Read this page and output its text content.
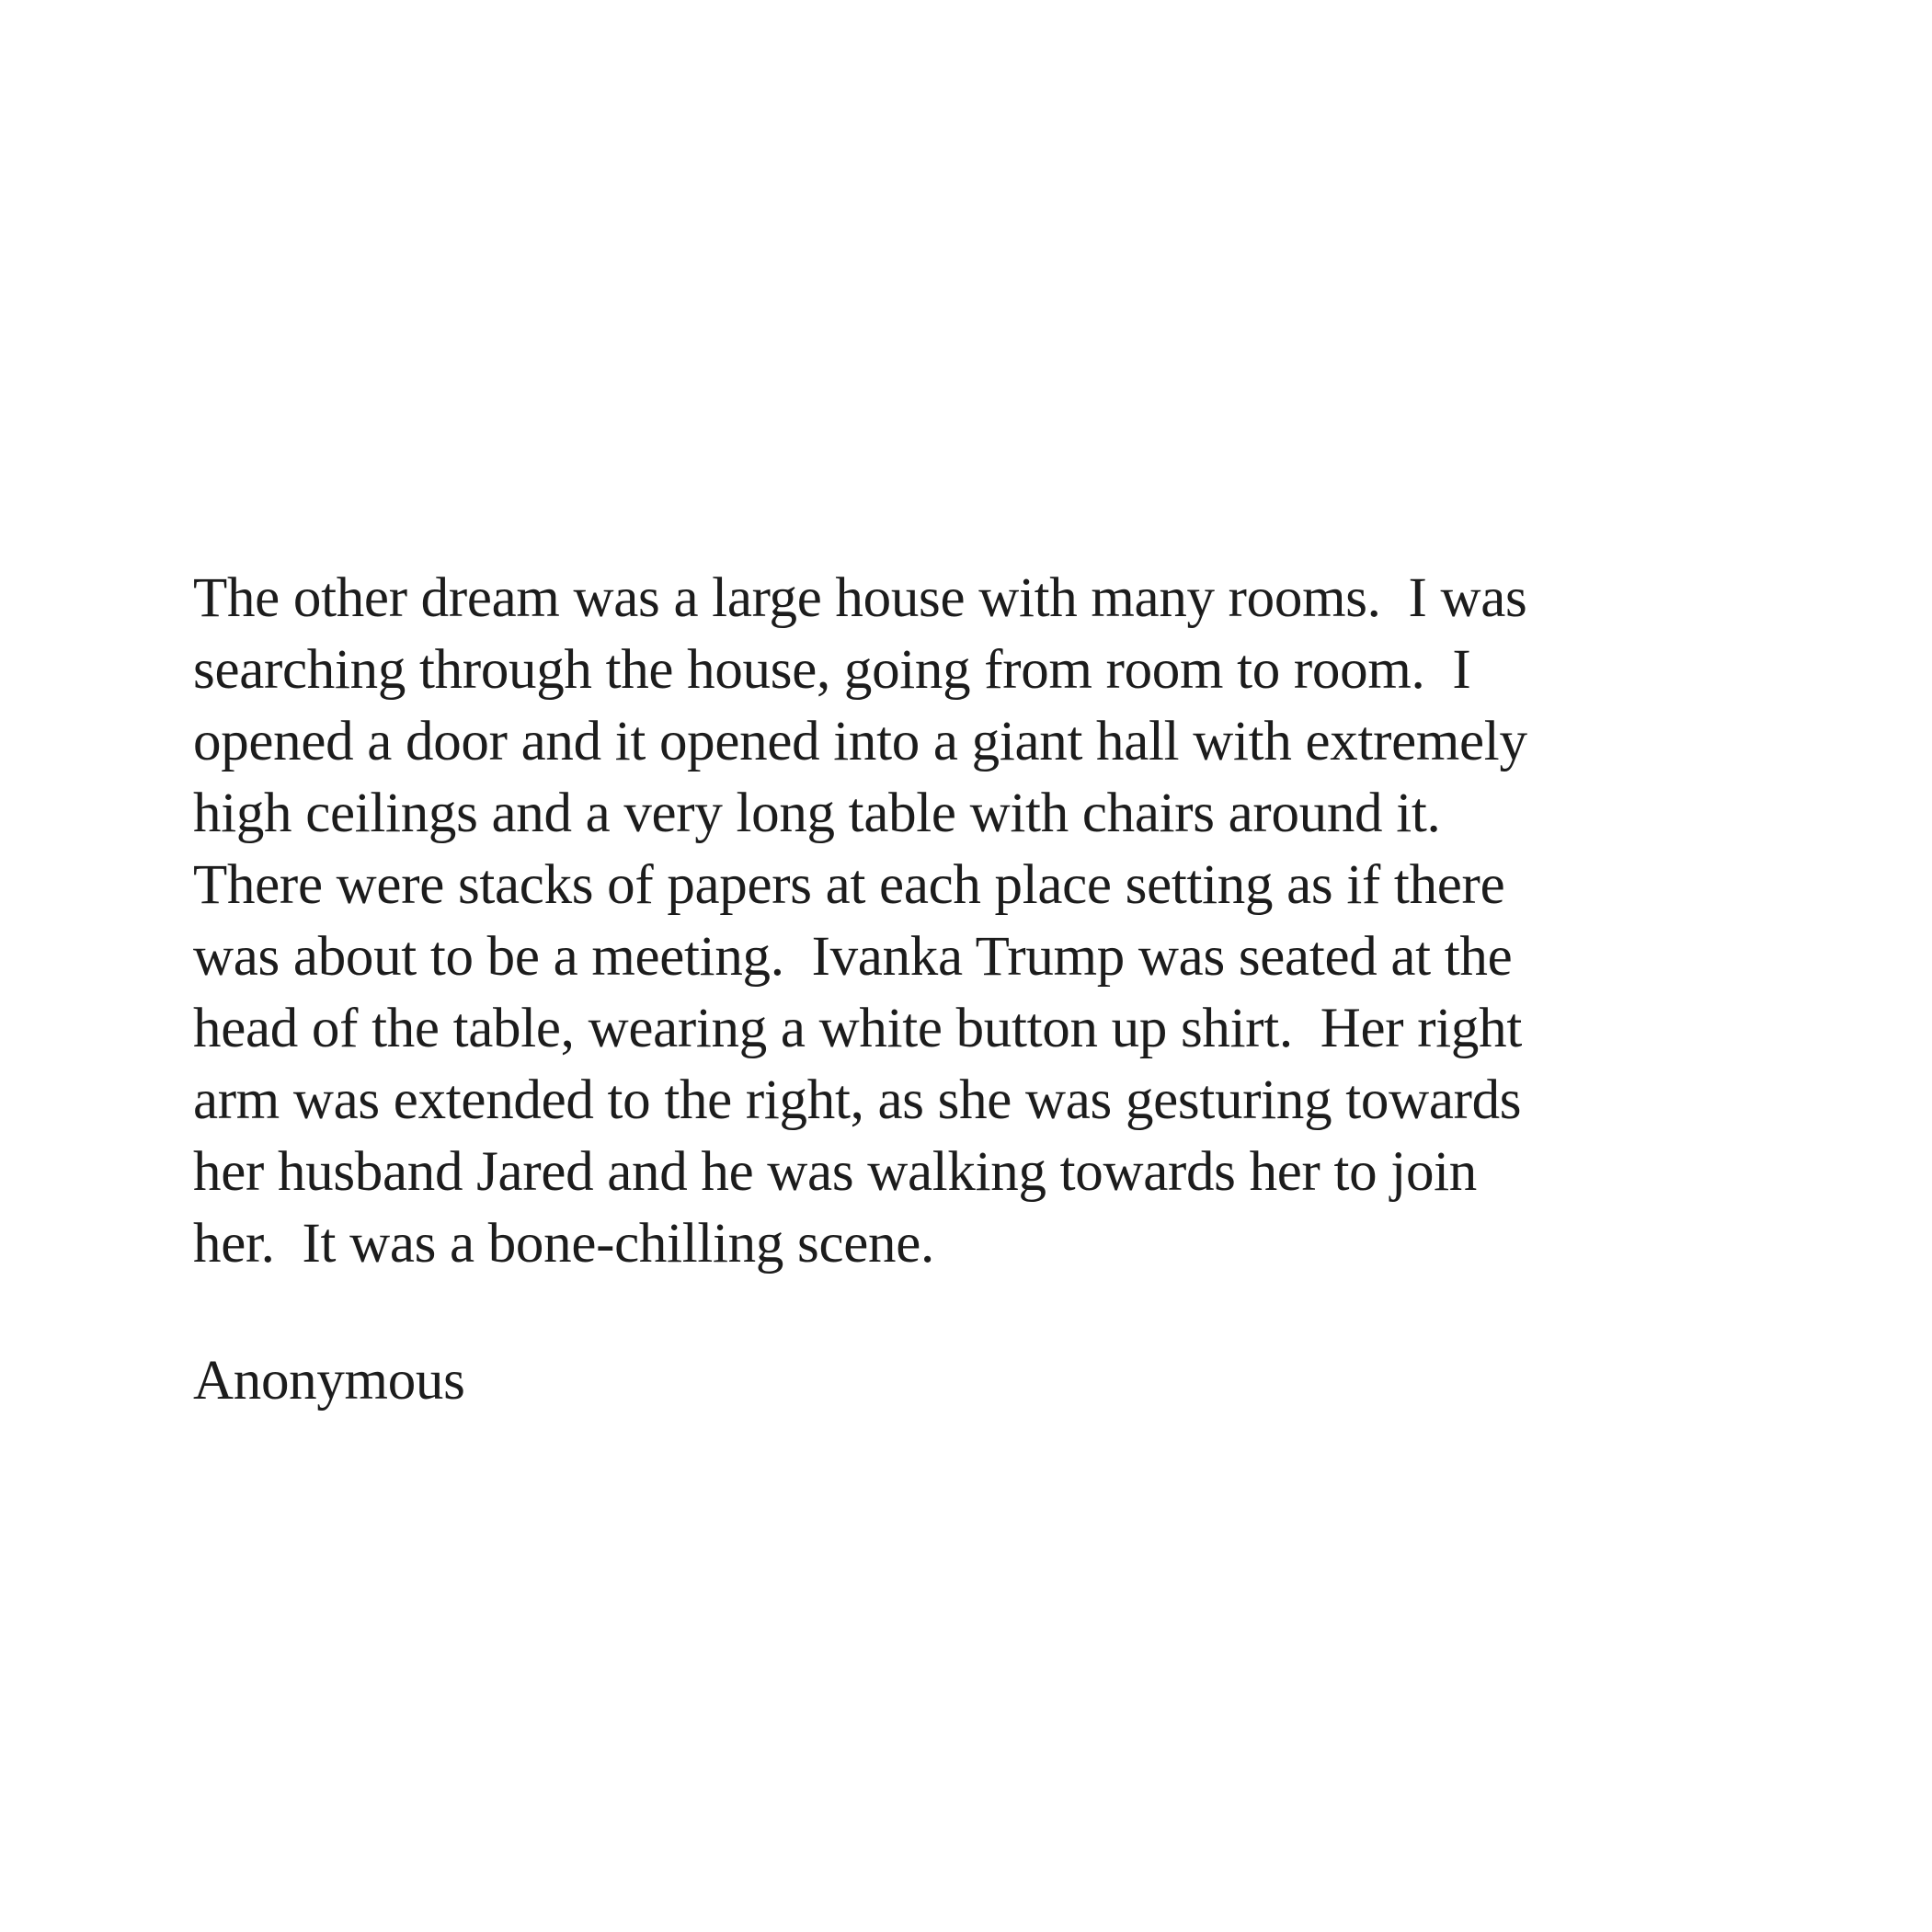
The other dream was a large house with many rooms.  I was
searching through the house, going from room to room.  I
opened a door and it opened into a giant hall with extremely
high ceilings and a very long table with chairs around it.
There were stacks of papers at each place setting as if there
was about to be a meeting.  Ivanka Trump was seated at the
head of the table, wearing a white button up shirt.  Her right
arm was extended to the right, as she was gesturing towards
her husband Jared and he was walking towards her to join
her.  It was a bone-chilling scene.
Anonymous
